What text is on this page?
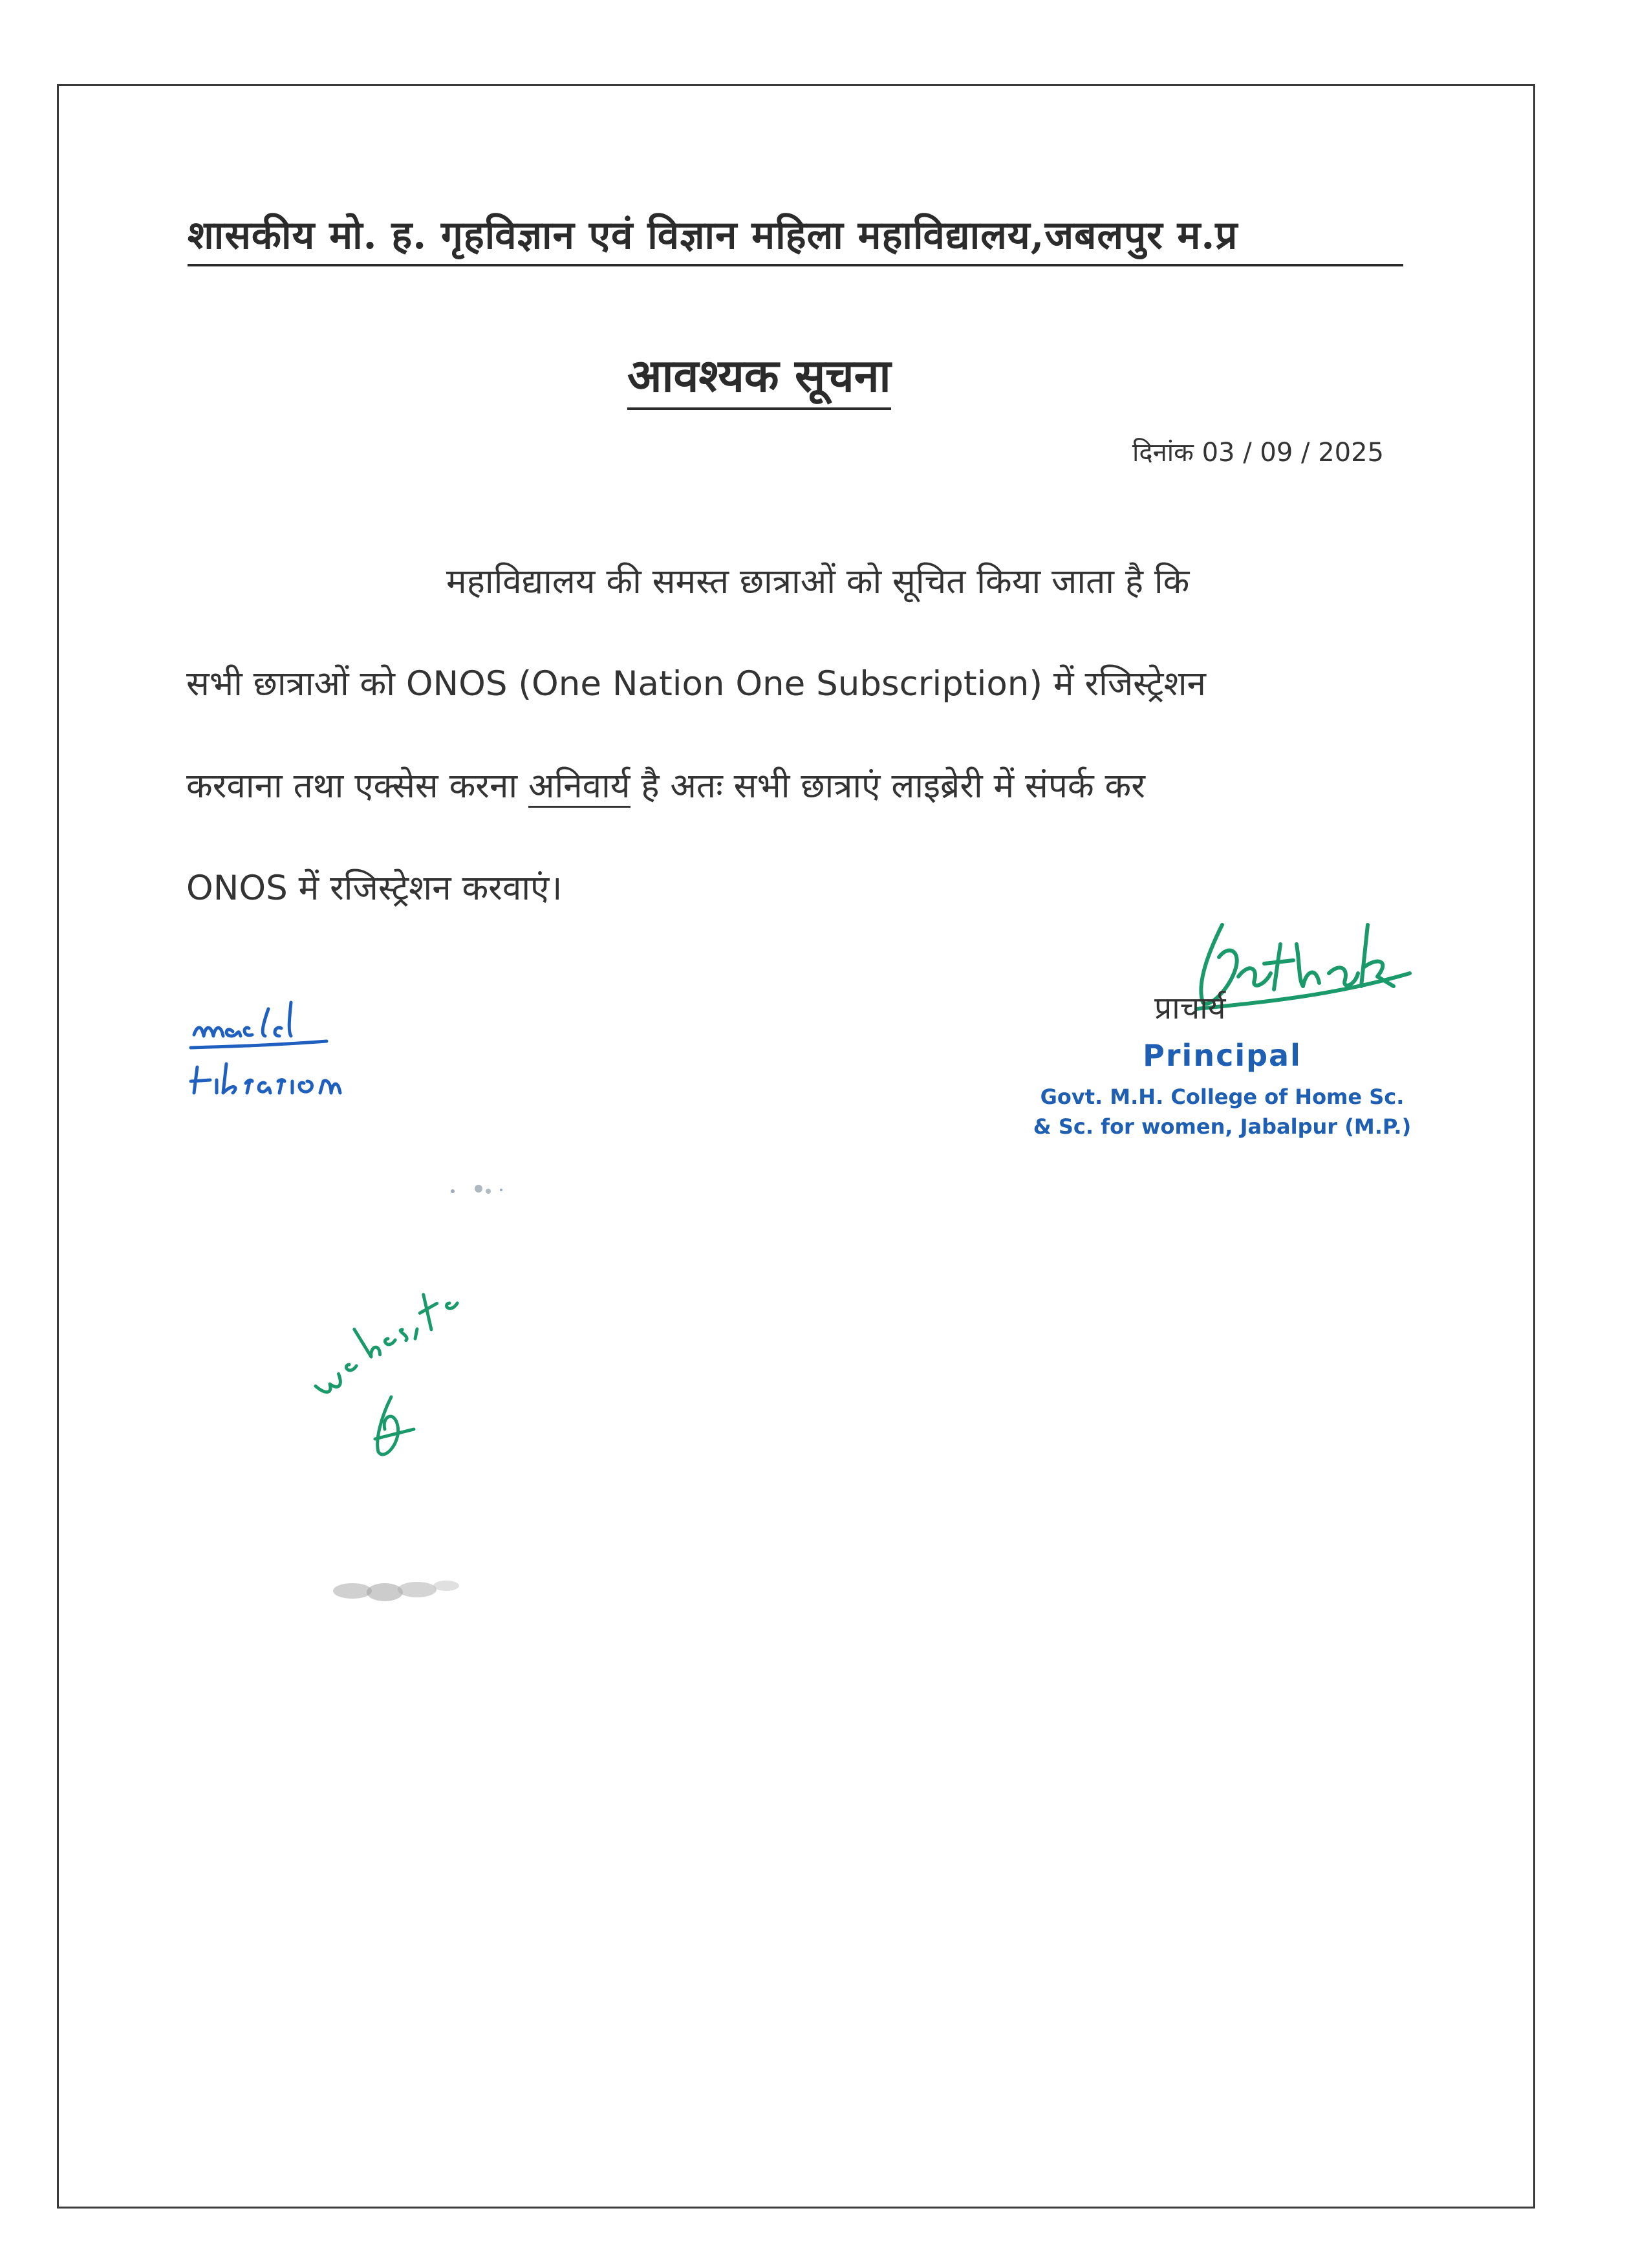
शासकीय मो. ह. गृहविज्ञान एवं विज्ञान महिला महाविद्यालय,जबलपुर म.प्र
आवश्यक सूचना
दिनांक 03 / 09 / 2025
महाविद्यालय की समस्त छात्राओं को सूचित किया जाता है कि
सभी छात्राओं को ONOS (One Nation One Subscription) में रजिस्ट्रेशन
करवाना तथा एक्सेस करना अनिवार्य है अतः सभी छात्राएं लाइब्रेरी में संपर्क कर
ONOS में रजिस्ट्रेशन करवाएं।
प्राचार्य
Principal
Govt. M.H. College of Home Sc.
& Sc. for women, Jabalpur (M.P.)
